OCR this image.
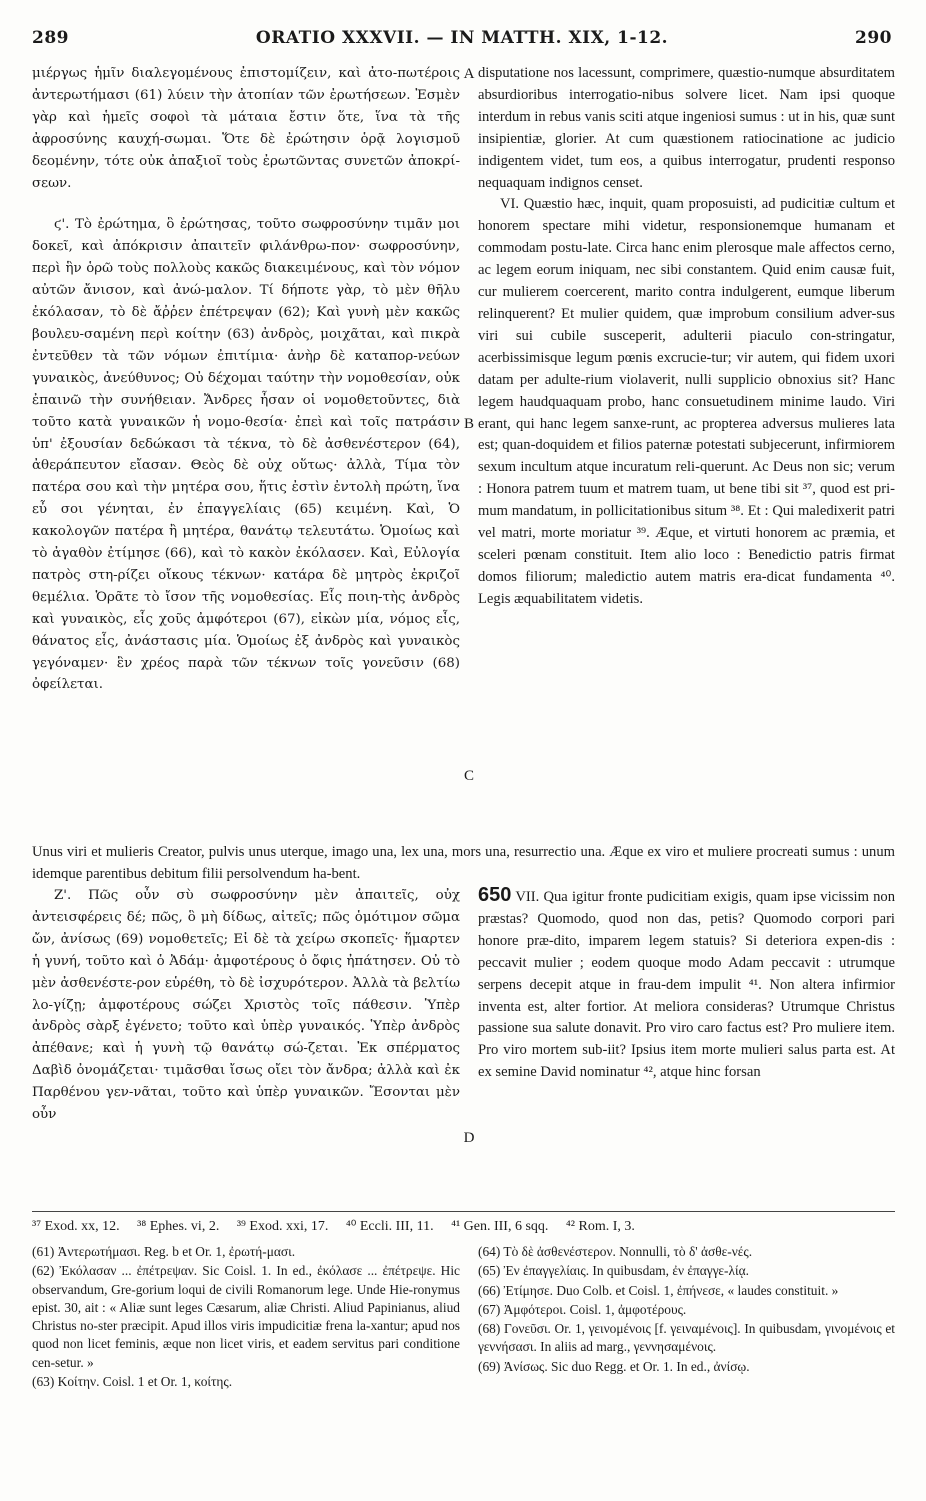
289	ORATIO XXXVII. — IN MATTH. XIX, 1-12.	290

μιέργως ἡμῖν διαλεγομένους ἐπιστομίζειν, καὶ ἀτο-πωτέροις ἀντερωτήμασι (61) λύειν τὴν ἀτοπίαν τῶν ἐρωτήσεων. Ἐσμὲν γὰρ καὶ ἡμεῖς σοφοὶ τὰ μάταια ἔστιν ὅτε, ἵνα τὰ τῆς ἀφροσύνης καυχή-σωμαι. Ὅτε δὲ ἐρώτησιν ὁρᾷ λογισμοῦ δεομένην, τότε οὐκ ἀπαξιοῖ τοὺς ἐρωτῶντας συνετῶν ἀποκρί-σεων.

ϛ'. Τὸ ἐρώτημα, ὃ ἐρώτησας, τοῦτο σωφροσύνην τιμᾶν μοι δοκεῖ, καὶ ἀπόκρισιν ἀπαιτεῖν φιλάνθρω-πον· σωφροσύνην, περὶ ἣν ὁρῶ τοὺς πολλοὺς κακῶς διακειμένους, καὶ τὸν νόμον αὐτῶν ἄνισον, καὶ ἀνώ-μαλον. Τί δήποτε γὰρ, τὸ μὲν θῆλυ ἐκόλασαν, τὸ δὲ ἄῤῥεν ἐπέτρεψαν (62); Καὶ γυνὴ μὲν κακῶς βουλευ-σαμένη περὶ κοίτην (63) ἀνδρὸς, μοιχᾶται, καὶ πικρὰ ἐντεῦθεν τὰ τῶν νόμων ἐπιτίμια· ἀνὴρ δὲ καταπορ-νεύων γυναικὸς, ἀνεύθυνος; Οὐ δέχομαι ταύτην τὴν νομοθεσίαν, οὐκ ἐπαινῶ τὴν συνήθειαν. Ἄνδρες ἦσαν οἱ νομοθετοῦντες, διὰ τοῦτο κατὰ γυναικῶν ἡ νομο-θεσία· ἐπεὶ καὶ τοῖς πατράσιν ὑπ' ἐξουσίαν δεδώκασι τὰ τέκνα, τὸ δὲ ἀσθενέστερον (64), ἀθεράπευτον εἴασαν. Θεὸς δὲ οὐχ οὕτως· ἀλλὰ, Τίμα τὸν πατέρα σου καὶ τὴν μητέρα σου, ἥτις ἐστὶν ἐντολὴ πρώτη, ἵνα εὖ σοι γένηται, ἐν ἐπαγγελίαις (65) κειμένη. Καὶ, Ὁ κακολογῶν πατέρα ἢ μητέρα, θανάτῳ τελευτάτω. Ὁμοίως καὶ τὸ ἀγαθὸν ἐτίμησε (66), καὶ τὸ κακὸν ἐκόλασεν. Καὶ, Εὐλογία πατρὸς στη-ρίζει οἴκους τέκνων· κατάρα δὲ μητρὸς ἐκριζοῖ θεμέλια. Ὁρᾶτε τὸ ἴσον τῆς νομοθεσίας. Εἷς ποιη-τὴς ἀνδρὸς καὶ γυναικὸς, εἷς χοῦς ἀμφότεροι (67), εἰκὼν μία, νόμος εἷς, θάνατος εἷς, ἀνάστασις μία. Ὁμοίως ἐξ ἀνδρὸς καὶ γυναικὸς γεγόναμεν· ἓν χρέος παρὰ τῶν τέκνων τοῖς γονεῦσιν (68) ὀφείλεται.

disputatione nos lacessunt, comprimere, quæstio-numque absurditatem absurdioribus interrogatio-nibus solvere licet. Nam ipsi quoque interdum in rebus vanis sciti atque ingeniosi sumus : ut in his, quæ sunt insipientiæ, glorier. At cum quæstionem ratiocinatione ac judicio indigentem videt, tum eos, a quibus interrogatur, prudenti responso nequaquam indignos censet.

VI. Quæstio hæc, inquit, quam proposuisti, ad pudicitiæ cultum et honorem spectare mihi videtur, responsionemque humanam et commodam postu-late. Circa hanc enim plerosque male affectos cerno, ac legem eorum iniquam, nec sibi constantem. Quid enim causæ fuit, cur mulierem coercerent, marito contra indulgerent, eumque liberum relinquerent? Et mulier quidem, quæ improbum consilium adver-sus viri sui cubile susceperit, adulterii piaculo con-stringatur, acerbissimisque legum pœnis excrucie-tur; vir autem, qui fidem uxori datam per adulte-rium violaverit, nulli supplicio obnoxius sit? Hanc legem haudquaquam probo, hanc consuetudinem minime laudo. Viri erant, qui hanc legem sanxe-runt, ac propterea adversus mulieres lata est; quan-doquidem et filios paternæ potestati subjecerunt, infirmiorem sexum incultum atque incuratum reli-querunt. Ac Deus non sic; verum : Honora patrem tuum et matrem tuam, ut bene tibi sit ³⁷, quod est pri-mum mandatum, in pollicitationibus situm ³⁸. Et : Qui maledixerit patri vel matri, morte moriatur ³⁹. Æque, et virtuti honorem ac præmia, et sceleri pœnam constituit. Item alio loco : Benedictio patris firmat domos filiorum; maledictio autem matris era-dicat fundamenta ⁴⁰. Legis æquabilitatem videtis.

A
B
C
D

Unus viri et mulieris Creator, pulvis unus uterque, imago una, lex una, mors una, resurrectio una. Æque ex viro et muliere procreati sumus : unum idemque parentibus debitum filii persolvendum ha-bent.

Ζ'. Πῶς οὖν σὺ σωφροσύνην μὲν ἀπαιτεῖς, οὐχ ἀντεισφέρεις δέ; πῶς, ὃ μὴ δίδως, αἰτεῖς; πῶς ὁμότιμον σῶμα ὤν, ἀνίσως (69) νομοθετεῖς; Εἰ δὲ τὰ χείρω σκοπεῖς· ἥμαρτεν ἡ γυνή, τοῦτο καὶ ὁ Ἀδάμ· ἀμφοτέρους ὁ ὄφις ἠπάτησεν. Οὐ τὸ μὲν ἀσθενέστε-ρον εὑρέθη, τὸ δὲ ἰσχυρότερον. Ἀλλὰ τὰ βελτίω λο-γίζῃ; ἀμφοτέρους σώζει Χριστὸς τοῖς πάθεσιν. Ὑπὲρ ἀνδρὸς σὰρξ ἐγένετο; τοῦτο καὶ ὑπὲρ γυναικός. Ὑπὲρ ἀνδρὸς ἀπέθανε; καὶ ἡ γυνὴ τῷ θανάτῳ σώ-ζεται. Ἐκ σπέρματος Δαβὶδ ὀνομάζεται· τιμᾶσθαι ἴσως οἴει τὸν ἄνδρα; ἀλλὰ καὶ ἐκ Παρθένου γεν-νᾶται, τοῦτο καὶ ὑπὲρ γυναικῶν. Ἔσονται μὲν οὖν

650 VII. Qua igitur fronte pudicitiam exigis, quam ipse vicissim non præstas? Quomodo, quod non das, petis? Quomodo corpori pari honore præ-dito, imparem legem statuis? Si deteriora expen-dis : peccavit mulier ; eodem quoque modo Adam peccavit : utrumque serpens decepit atque in frau-dem impulit ⁴¹. Non altera infirmior inventa est, alter fortior. At meliora consideras? Utrumque Christus passione sua salute donavit. Pro viro caro factus est? Pro muliere item. Pro viro mortem sub-iit? Ipsius item morte mulieri salus parta est. At ex semine David nominatur ⁴², atque hinc forsan

³⁷ Exod. xx, 12. ³⁸ Ephes. vi, 2. ³⁹ Exod. xxi, 17. ⁴⁰ Eccli. III, 11. ⁴¹ Gen. III, 6 sqq. ⁴² Rom. I, 3.

(61) Ἀντερωτήμασι. Reg. b et Or. 1, ἐρωτή-μασι.

(62) Ἐκόλασαν ... ἐπέτρεψαν. Sic Coisl. 1. In ed., ἐκόλασε ... ἐπέτρεψε. Hic observandum, Gre-gorium loqui de civili Romanorum lege. Unde Hie-ronymus epist. 30, ait : « Aliæ sunt leges Cæsarum, aliæ Christi. Aliud Papinianus, aliud Christus no-ster præcipit. Apud illos viris impudicitiæ frena la-xantur; apud nos quod non licet feminis, æque non licet viris, et eadem servitus pari conditione cen-setur. »

(63) Κοίτην. Coisl. 1 et Or. 1, κοίτης.

(64) Τὸ δὲ ἀσθενέστερον. Nonnulli, τὸ δ' ἀσθε-νές.

(65) Ἐν ἐπαγγελίαις. In quibusdam, ἐν ἐπαγγε-λίᾳ.

(66) Ἐτίμησε. Duo Colb. et Coisl. 1, ἐπήνεσε, « laudes constituit. »

(67) Ἀμφότεροι. Coisl. 1, ἀμφοτέρους.

(68) Γονεῦσι. Or. 1, γεινομένοις [f. γειναμένοις]. In quibusdam, γινομένοις et γεννήσασι. In aliis ad marg., γεννησαμένοις.

(69) Ἀνίσως. Sic duo Regg. et Or. 1. In ed., ἀνίσῳ.
